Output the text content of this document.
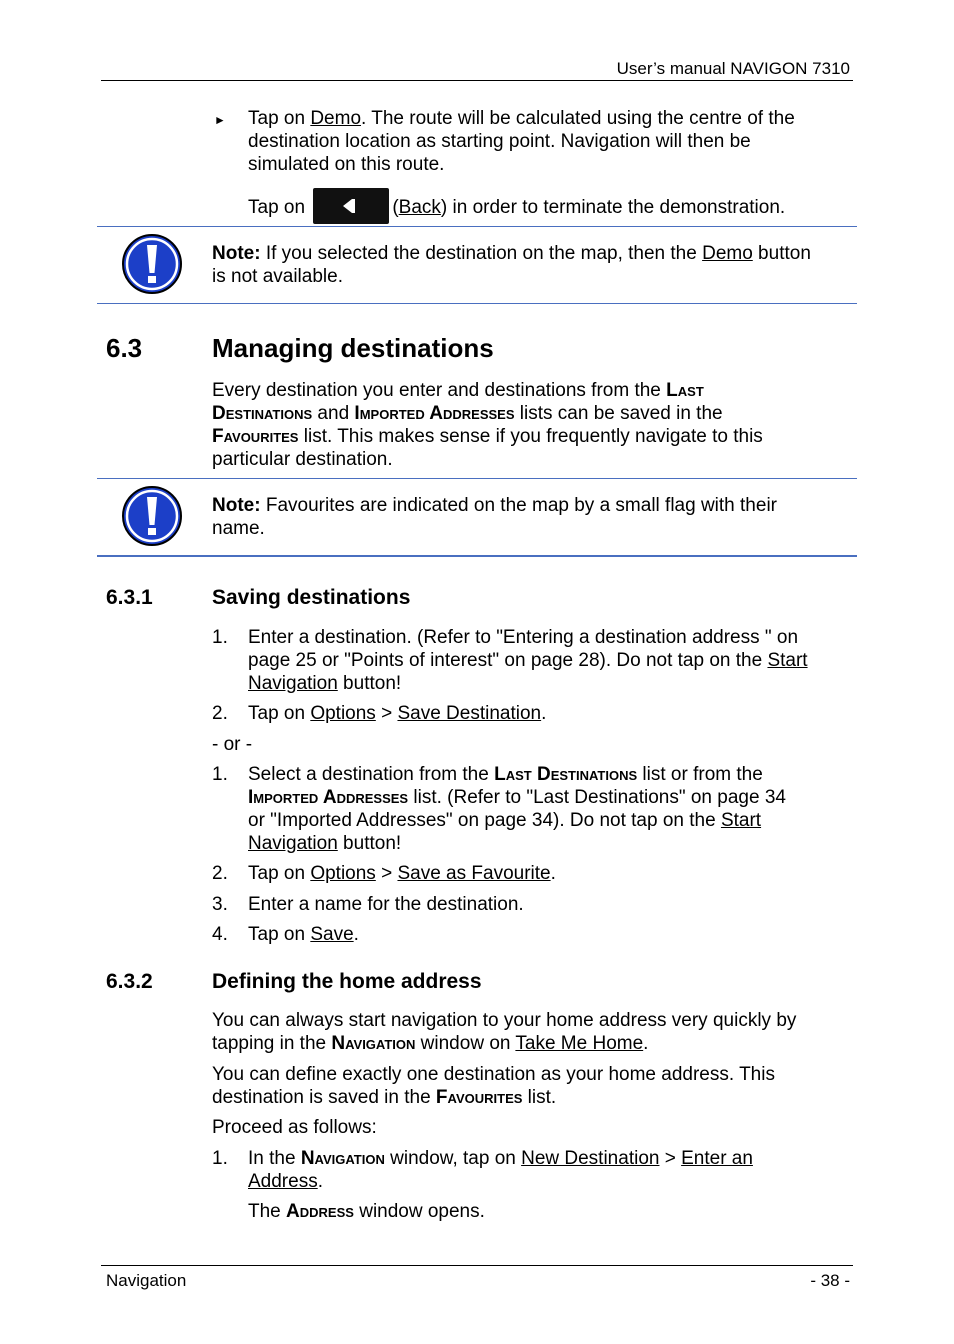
User’s manual NAVIGON 7310
► Tap on Demo. The route will be calculated using the centre of the
destination location as starting point. Navigation will then be
simulated on this route.
Tap on	(Back) in order to terminate the demonstration.
Note: If you selected the destination on the map, then the Demo button
is not available.
6.3	Managing destinations
Every destination you enter and destinations from the Last
Destinations and Imported Addresses lists can be saved in the
Favourites list. This makes sense if you frequently navigate to this
particular destination.
Note: Favourites are indicated on the map by a small flag with their
name.
6.3.1	Saving destinations
1. Enter a destination. (Refer to "Entering a destination address " on
page 25 or "Points of interest" on page 28). Do not tap on the Start
Navigation button!
2. Tap on Options > Save Destination.
- or -
1. Select a destination from the Last Destinations list or from the
Imported Addresses list. (Refer to "Last Destinations" on page 34
or "Imported Addresses" on page 34). Do not tap on the Start
Navigation button!
2. Tap on Options > Save as Favourite.
3. Enter a name for the destination.
4. Tap on Save.
6.3.2	Defining the home address
You can always start navigation to your home address very quickly by
tapping in the Navigation window on Take Me Home.
You can define exactly one destination as your home address. This
destination is saved in the Favourites list.
Proceed as follows:
1. In the Navigation window, tap on New Destination > Enter an
Address.
The Address window opens.
Navigation	- 38 -
